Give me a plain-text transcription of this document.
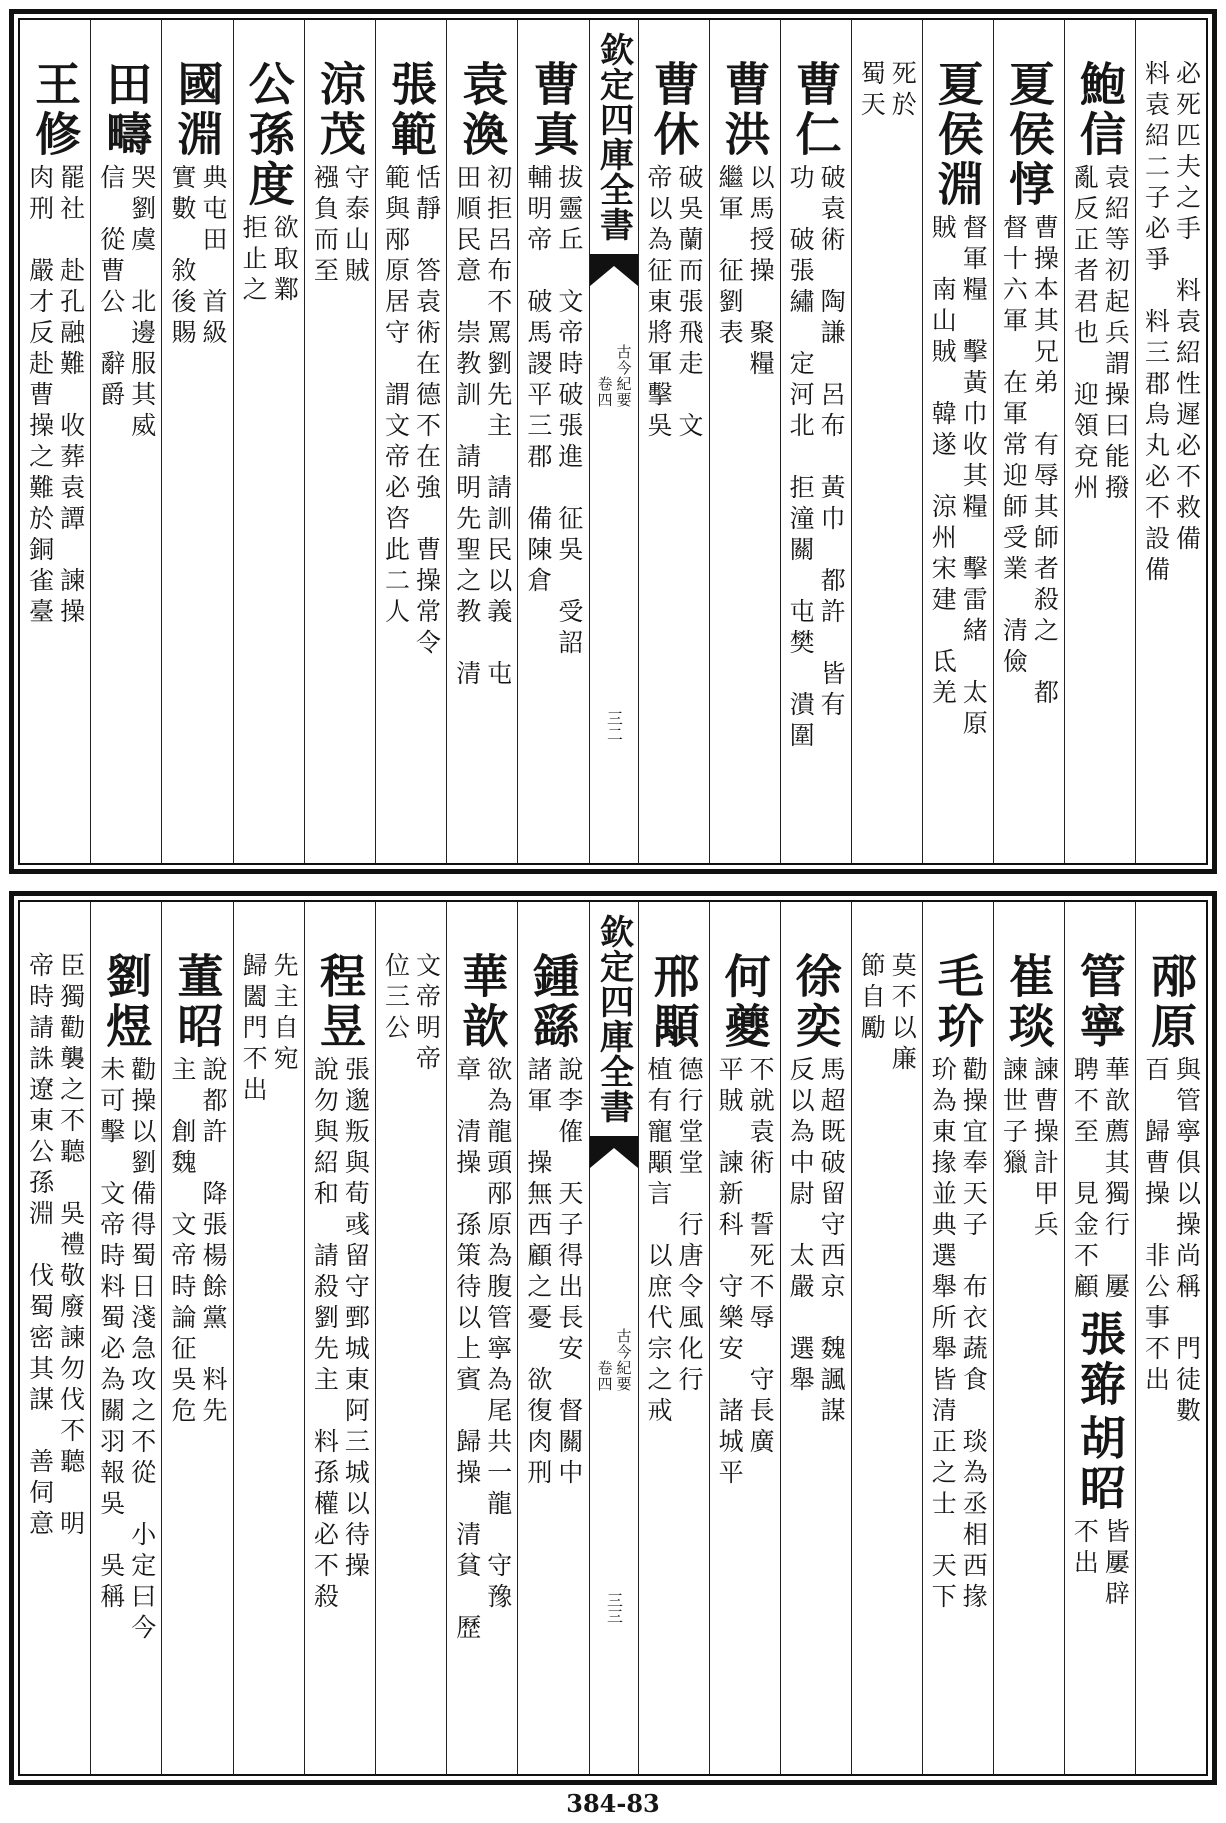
必死匹夫之手　料袁紹性遲必不救備
料袁紹二子必爭　料三郡烏丸必不設備
鮑信
袁紹等初起兵謂操曰能撥
亂反正者君也　迎領兗州
夏侯惇
曹操本其兄弟　有辱其師者殺之　都
督十六軍　在軍常迎師受業　清儉
夏侯淵
督軍糧　擊黃巾收其糧　擊雷緒　太原
賊　南山賊　韓遂　涼州宋建　氐羌
死於
蜀天
曹仁
破袁術　陶謙　呂布　黃巾　都許　皆有
功　破張繡　定河北　拒潼關　屯樊　潰圍
曹洪
以馬授操　聚糧
繼軍　征劉表
曹休
破吳蘭而張飛走　文
帝以為征東將軍擊吳
欽定四庫全書
古今紀要
卷四
三二
曹真
拔靈丘　文帝時破張進　征吳　受詔
輔明帝　破馬謖平三郡　備陳倉
袁渙
初拒呂布不罵劉先主　請訓民以義　屯
田順民意　崇教訓　請明先聖之教　清
張範
恬靜　答袁術在德不在強　曹操常令
範與邴原居守　謂文帝必咨此二人
涼茂
守泰山賊
襁負而至
公孫度
欲取鄴
拒止之
國淵
典屯田　首級
實數　敘後賜
田疇
哭劉虞　北邊服其威
信　從曹公　辭爵
王修
罷社　赴孔融難　收葬袁譚　諫操
肉刑　嚴才反赴曹操之難於銅雀臺
邴原
與管寧俱以操尚稱　門徒數
百　歸曹操　非公事不出
管寧
華歆薦其獨行　屢
聘不至　見金不顧
張臶
胡昭
皆屢辟
不出
崔琰
諫曹操計甲兵
諫世子獵
毛玠
勸操宜奉天子　布衣蔬食　琰為丞相西掾
玠為東掾並典選舉所舉皆清正之士　天下
莫不以廉
節自勵
徐奕
馬超既破留守西京　魏諷謀
反以為中尉　太嚴　選舉
何夔
不就袁術　誓死不辱　守長廣
平賊　諫新科　守樂安　諸城平
邢顒
德行堂堂　行唐令風化行
植有寵顒言　以庶代宗之戒
欽定四庫全書
古今紀要
卷四
三三
鍾繇
說李傕　天子得出長安　督關中
諸軍　操無西顧之憂　欲復肉刑
華歆
欲為龍頭邴原為腹管寧為尾共一龍　守豫
章　清操　孫策待以上賓　歸操　清貧　歷
文帝明帝
位三公
程昱
張邈叛與荀彧留守鄄城東阿三城以待操
說勿與紹和　請殺劉先主　料孫權必不殺
先主自宛
歸闔門不出
董昭
說都許　降張楊餘黨　料先
主　創魏　文帝時論征吳危
劉煜
勸操以劉備得蜀日淺急攻之不從　小定曰今
未可擊　文帝時料蜀必為關羽報吳　吳稱
臣獨勸襲之不聽　吳禮敬廢諫勿伐不聽　明
帝時請誅遼東公孫淵　伐蜀密其謀　善伺意
384-83
